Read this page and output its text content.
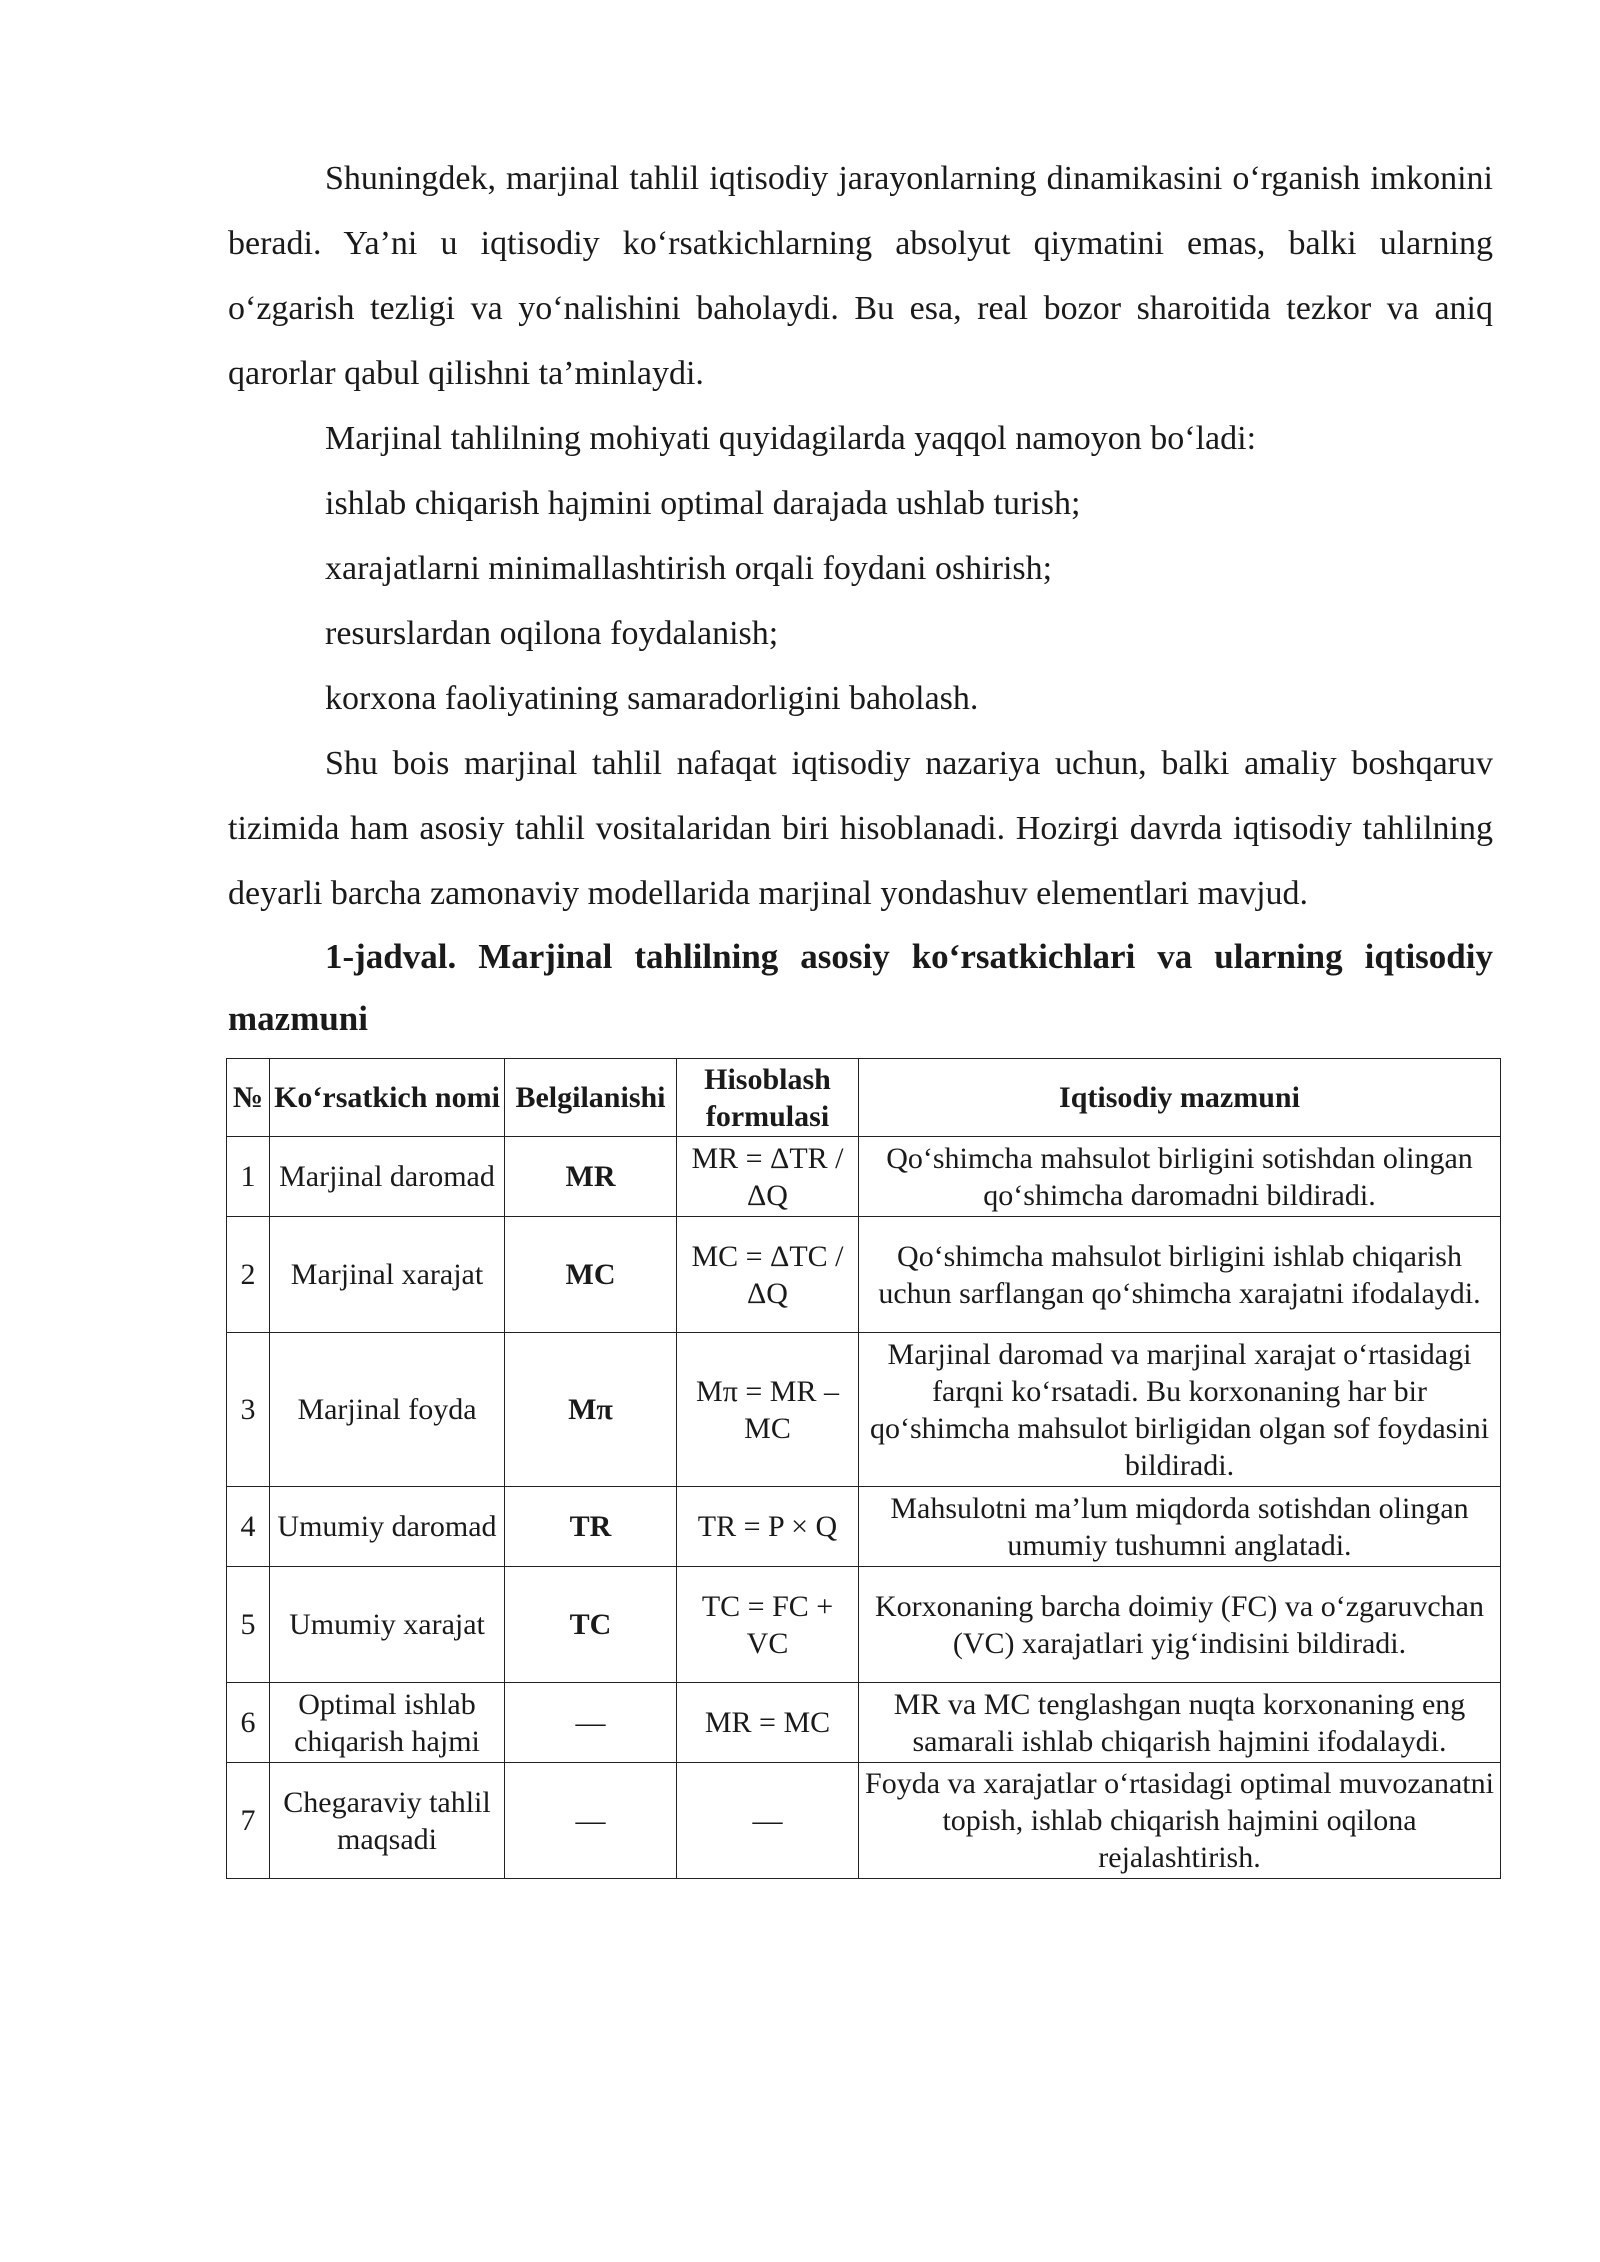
Shuningdek, marjinal tahlil iqtisodiy jarayonlarning dinamikasini o‘rganish imkonini beradi. Ya’ni u iqtisodiy ko‘rsatkichlarning absolyut qiymatini emas, balki ularning o‘zgarish tezligi va yo‘nalishini baholaydi. Bu esa, real bozor sharoitida tezkor va aniq qarorlar qabul qilishni ta’minlaydi.

Marjinal tahlilning mohiyati quyidagilarda yaqqol namoyon bo‘ladi:

ishlab chiqarish hajmini optimal darajada ushlab turish;

xarajatlarni minimallashtirish orqali foydani oshirish;

resurslardan oqilona foydalanish;

korxona faoliyatining samaradorligini baholash.

Shu bois marjinal tahlil nafaqat iqtisodiy nazariya uchun, balki amaliy boshqaruv tizimida ham asosiy tahlil vositalaridan biri hisoblanadi. Hozirgi davrda iqtisodiy tahlilning deyarli barcha zamonaviy modellarida marjinal yondashuv elementlari mavjud.

1-jadval. Marjinal tahlilning asosiy ko‘rsatkichlari va ularning iqtisodiy mazmuni

№	Ko‘rsatkich nomi	Belgilanishi	Hisoblash formulasi	Iqtisodiy mazmuni
1	Marjinal daromad	MR	MR = ΔTR / ΔQ	Qo‘shimcha mahsulot birligini sotishdan olingan qo‘shimcha daromadni bildiradi.
2	Marjinal xarajat	MC	MC = ΔTC / ΔQ	Qo‘shimcha mahsulot birligini ishlab chiqarish uchun sarflangan qo‘shimcha xarajatni ifodalaydi.
3	Marjinal foyda	Mπ	Mπ = MR – MC	Marjinal daromad va marjinal xarajat o‘rtasidagi farqni ko‘rsatadi. Bu korxonaning har bir qo‘shimcha mahsulot birligidan olgan sof foydasini bildiradi.
4	Umumiy daromad	TR	TR = P × Q	Mahsulotni ma’lum miqdorda sotishdan olingan umumiy tushumni anglatadi.
5	Umumiy xarajat	TC	TC = FC + VC	Korxonaning barcha doimiy (FC) va o‘zgaruvchan (VC) xarajatlari yig‘indisini bildiradi.
6	Optimal ishlab chiqarish hajmi	—	MR = MC	MR va MC tenglashgan nuqta korxonaning eng samarali ishlab chiqarish hajmini ifodalaydi.
7	Chegaraviy tahlil maqsadi	—	—	Foyda va xarajatlar o‘rtasidagi optimal muvozanatni topish, ishlab chiqarish hajmini oqilona rejalashtirish.
